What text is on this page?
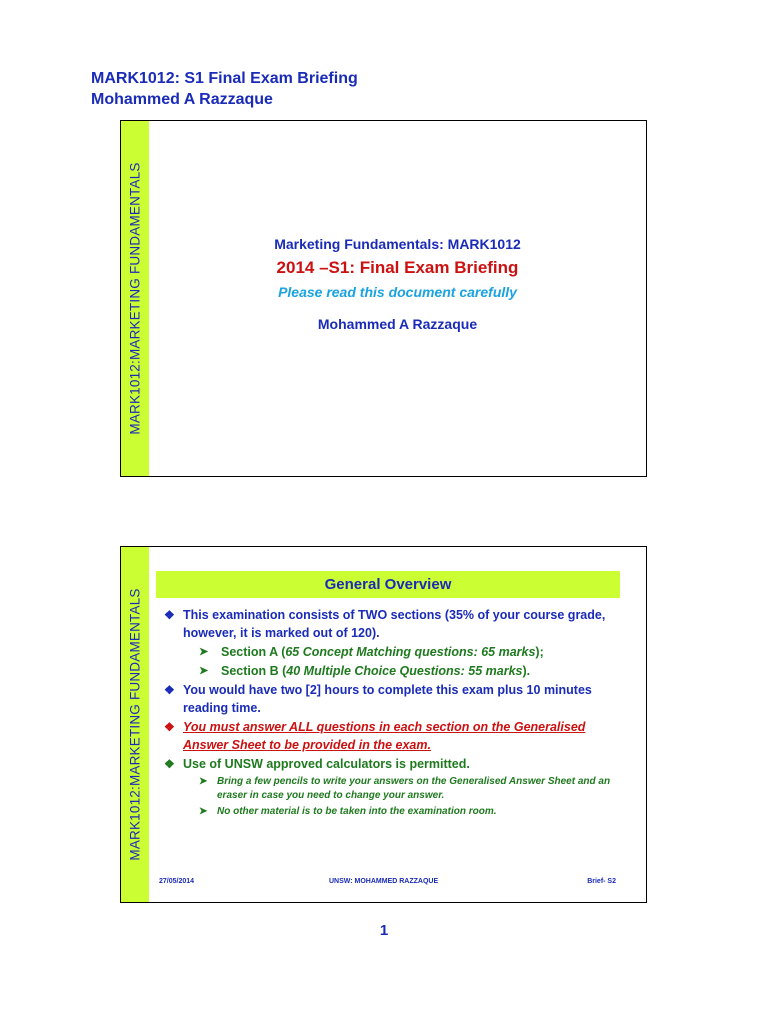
MARK1012: S1 Final Exam Briefing
Mohammed A Razzaque
MARK1012:MARKETING FUNDAMENTALS	Marketing Fundamentals: MARK1012
2014 –S1: Final Exam Briefing
Please read this document carefully
Mohammed A Razzaque
MARK1012:MARKETING FUNDAMENTALS
General Overview
❖ This examination consists of TWO sections (35% of your course grade, however, it is marked out of 120).
➤ Section A (65 Concept Matching questions: 65 marks);
➤ Section B (40 Multiple Choice Questions: 55 marks).
❖ You would have two [2] hours to complete this exam plus 10 minutes reading time.
❖ You must answer ALL questions in each section on the Generalised Answer Sheet to be provided in the exam.
❖ Use of UNSW approved calculators is permitted.
➤ Bring a few pencils to write your answers on the Generalised Answer Sheet and an eraser in case you need to change your answer.
➤ No other material is to be taken into the examination room.
27/05/2014	UNSW: MOHAMMED RAZZAQUE	Brief- S2
1
